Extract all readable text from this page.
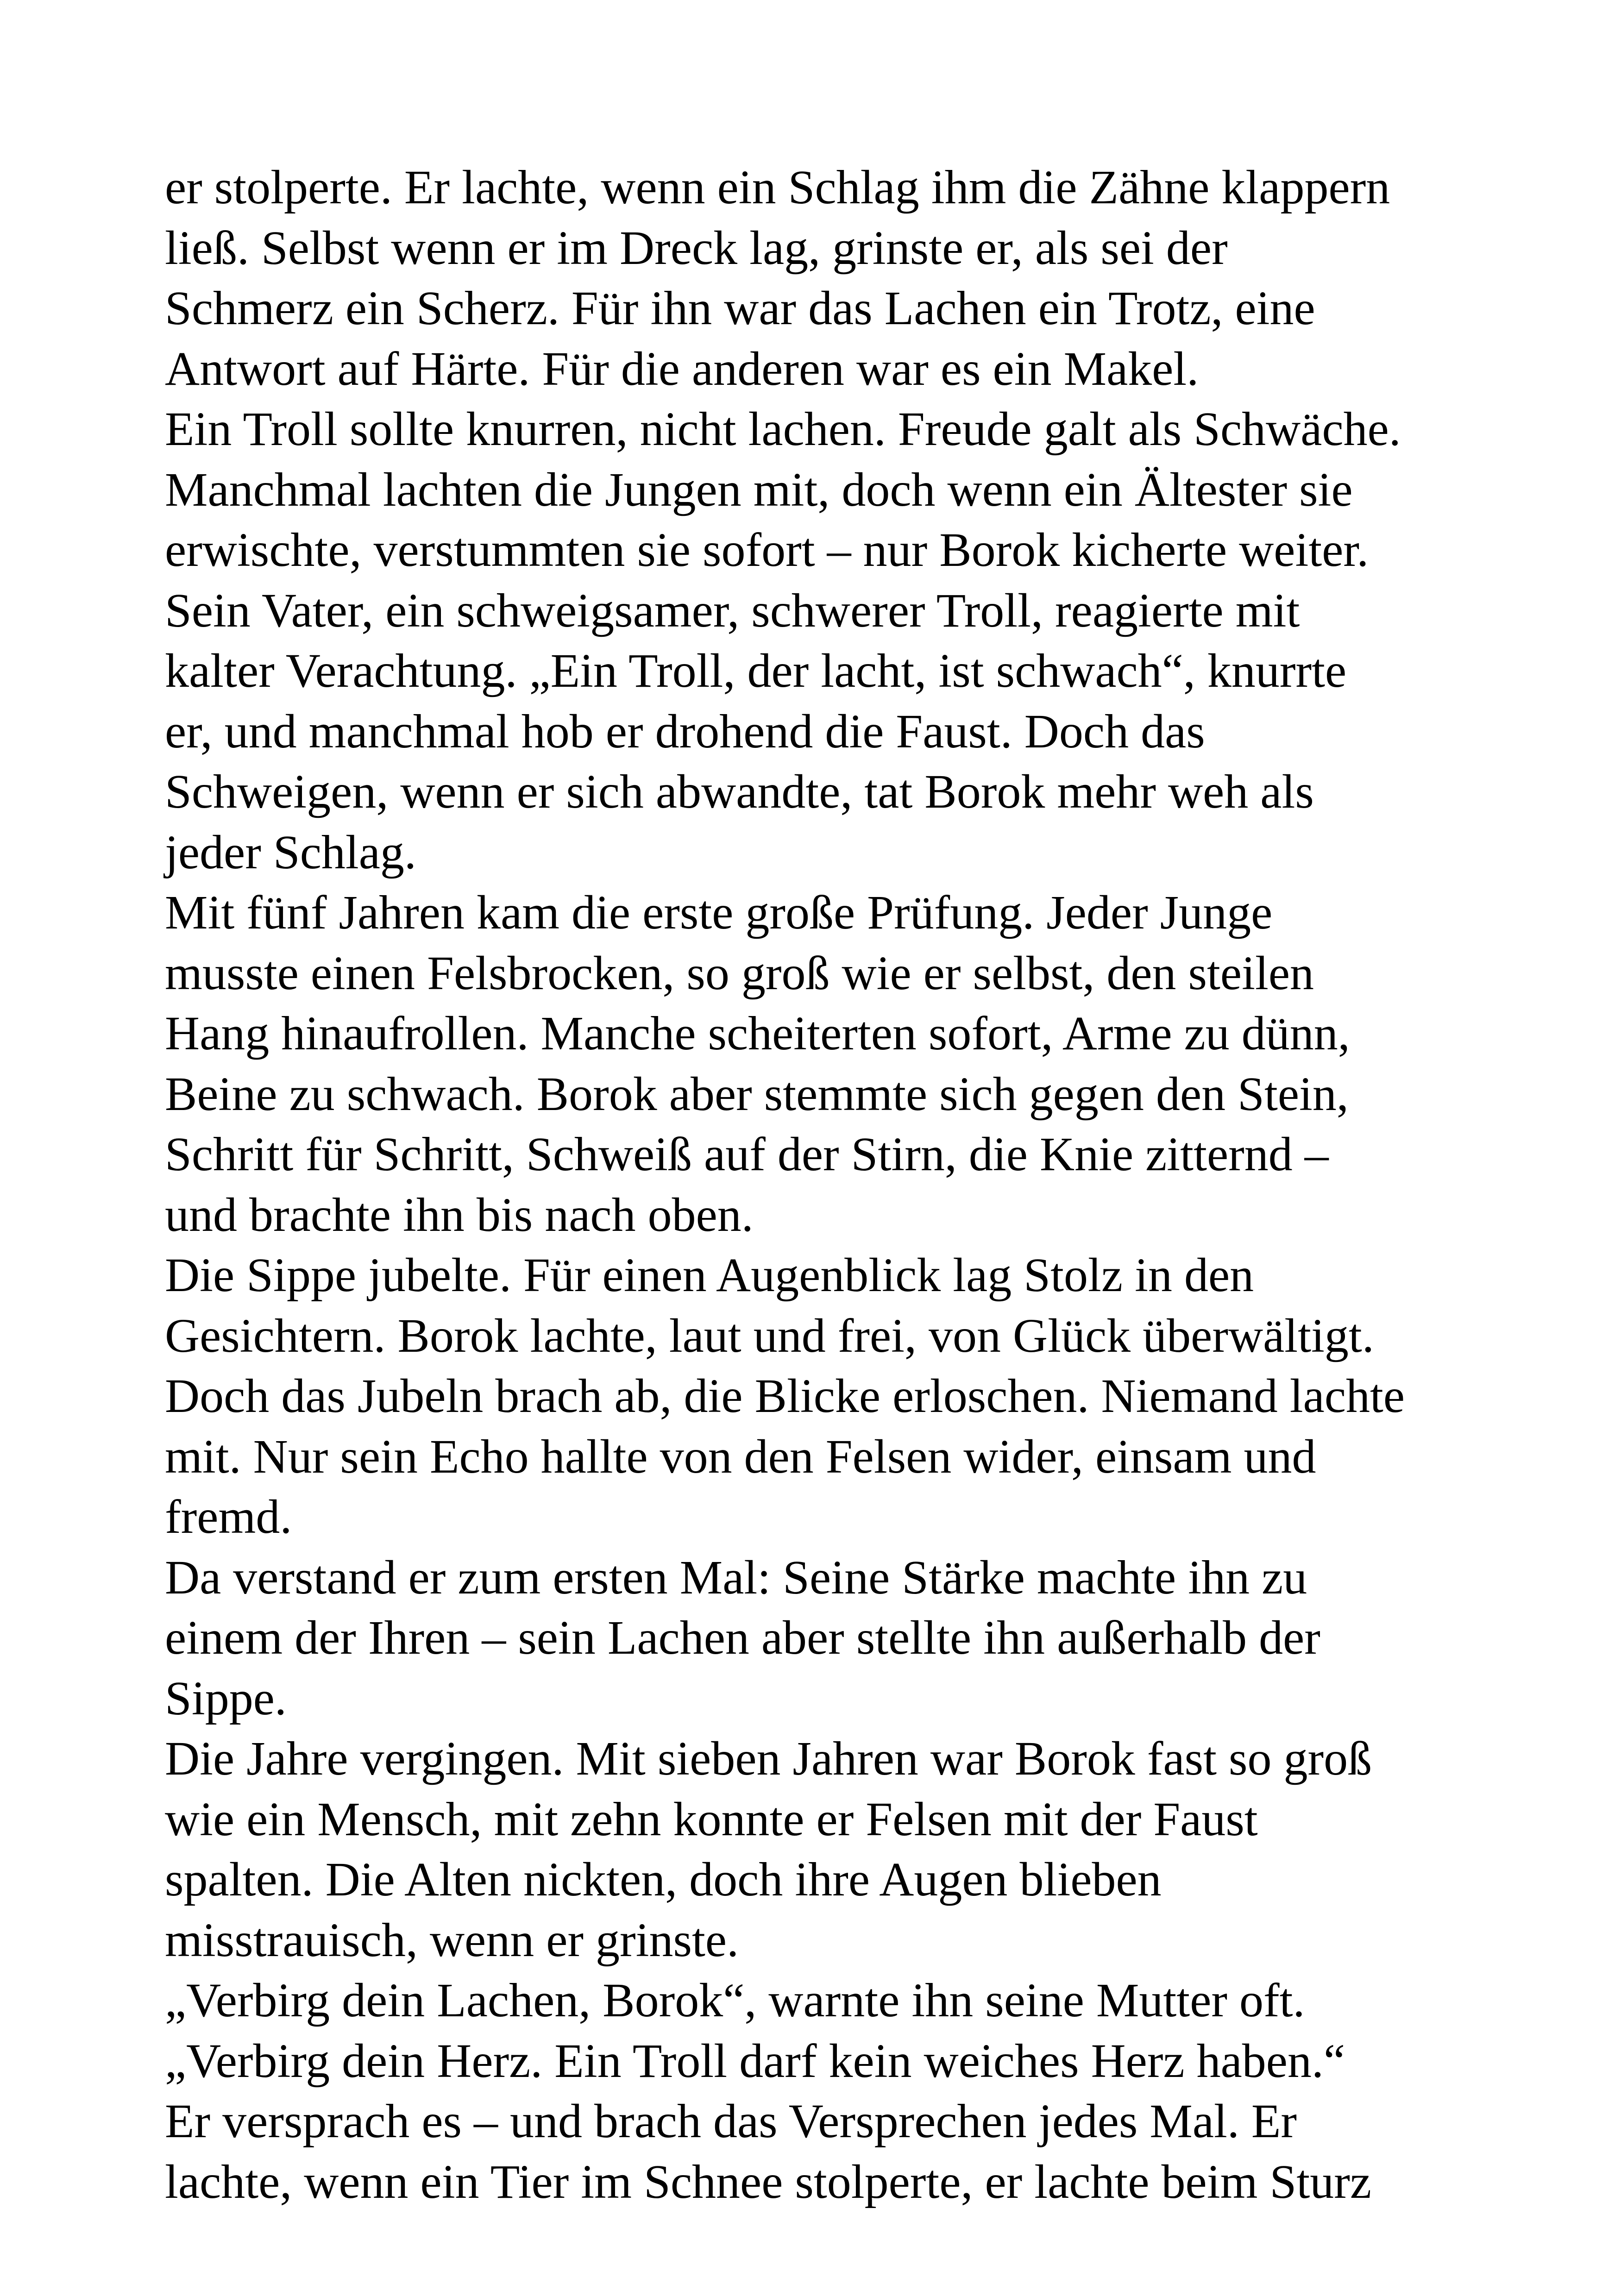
er stolperte. Er lachte, wenn ein Schlag ihm die Zähne klappern
ließ. Selbst wenn er im Dreck lag, grinste er, als sei der
Schmerz ein Scherz. Für ihn war das Lachen ein Trotz, eine
Antwort auf Härte. Für die anderen war es ein Makel.
Ein Troll sollte knurren, nicht lachen. Freude galt als Schwäche.
Manchmal lachten die Jungen mit, doch wenn ein Ältester sie
erwischte, verstummten sie sofort – nur Borok kicherte weiter.
Sein Vater, ein schweigsamer, schwerer Troll, reagierte mit
kalter Verachtung. „Ein Troll, der lacht, ist schwach“, knurrte
er, und manchmal hob er drohend die Faust. Doch das
Schweigen, wenn er sich abwandte, tat Borok mehr weh als
jeder Schlag.
Mit fünf Jahren kam die erste große Prüfung. Jeder Junge
musste einen Felsbrocken, so groß wie er selbst, den steilen
Hang hinaufrollen. Manche scheiterten sofort, Arme zu dünn,
Beine zu schwach. Borok aber stemmte sich gegen den Stein,
Schritt für Schritt, Schweiß auf der Stirn, die Knie zitternd –
und brachte ihn bis nach oben.
Die Sippe jubelte. Für einen Augenblick lag Stolz in den
Gesichtern. Borok lachte, laut und frei, von Glück überwältigt.
Doch das Jubeln brach ab, die Blicke erloschen. Niemand lachte
mit. Nur sein Echo hallte von den Felsen wider, einsam und
fremd.
Da verstand er zum ersten Mal: Seine Stärke machte ihn zu
einem der Ihren – sein Lachen aber stellte ihn außerhalb der
Sippe.
Die Jahre vergingen. Mit sieben Jahren war Borok fast so groß
wie ein Mensch, mit zehn konnte er Felsen mit der Faust
spalten. Die Alten nickten, doch ihre Augen blieben
misstrauisch, wenn er grinste.
„Verbirg dein Lachen, Borok“, warnte ihn seine Mutter oft.
„Verbirg dein Herz. Ein Troll darf kein weiches Herz haben.“
Er versprach es – und brach das Versprechen jedes Mal. Er
lachte, wenn ein Tier im Schnee stolperte, er lachte beim Sturz
